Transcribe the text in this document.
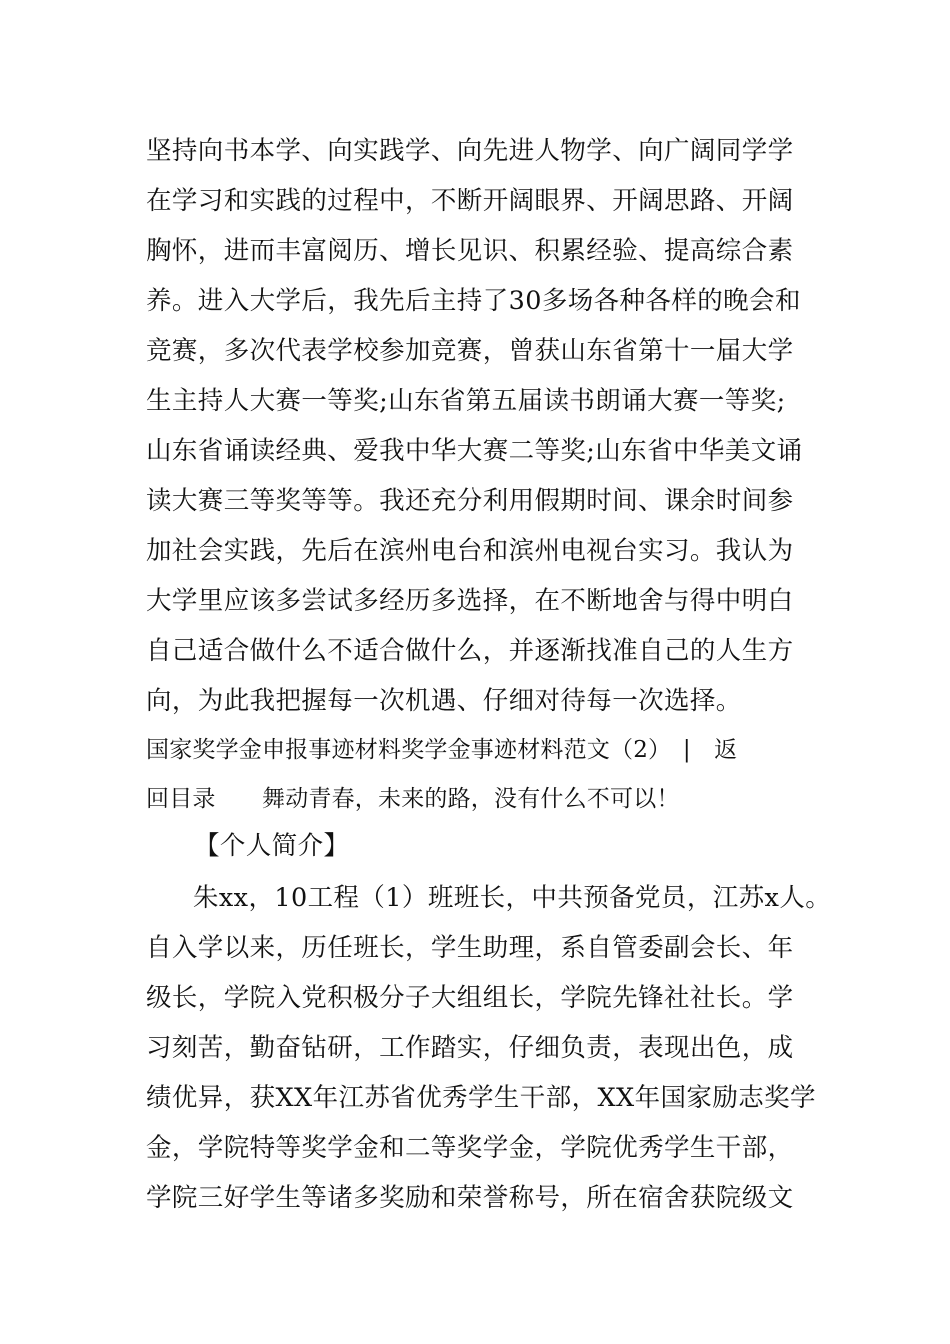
坚持向书本学、向实践学、向先进人物学、向广阔同学学
在学习和实践的过程中，不断开阔眼界、开阔思路、开阔
胸怀，进而丰富阅历、增长见识、积累经验、提高综合素
养。进入大学后，我先后主持了30多场各种各样的晚会和
竞赛，多次代表学校参加竞赛，曾获山东省第十一届大学
生主持人大赛一等奖;山东省第五届读书朗诵大赛一等奖;
山东省诵读经典、爱我中华大赛二等奖;山东省中华美文诵
读大赛三等奖等等。我还充分利用假期时间、课余时间参
加社会实践，先后在滨州电台和滨州电视台实习。我认为
大学里应该多尝试多经历多选择，在不断地舍与得中明白
自己适合做什么不适合做什么，并逐渐找准自己的人生方
向，为此我把握每一次机遇、仔细对待每一次选择。
国家奖学金申报事迹材料奖学金事迹材料范文（2）　|　返
回目录　　舞动青春，未来的路，没有什么不可以！
【个人简介】
朱xx，10工程（1）班班长，中共预备党员，江苏x人。
自入学以来，历任班长，学生助理，系自管委副会长、年
级长，学院入党积极分子大组组长，学院先锋社社长。学
习刻苦，勤奋钻研，工作踏实，仔细负责，表现出色，成
绩优异，获XX年江苏省优秀学生干部，XX年国家励志奖学
金，学院特等奖学金和二等奖学金，学院优秀学生干部，
学院三好学生等诸多奖励和荣誉称号，所在宿舍获院级文
